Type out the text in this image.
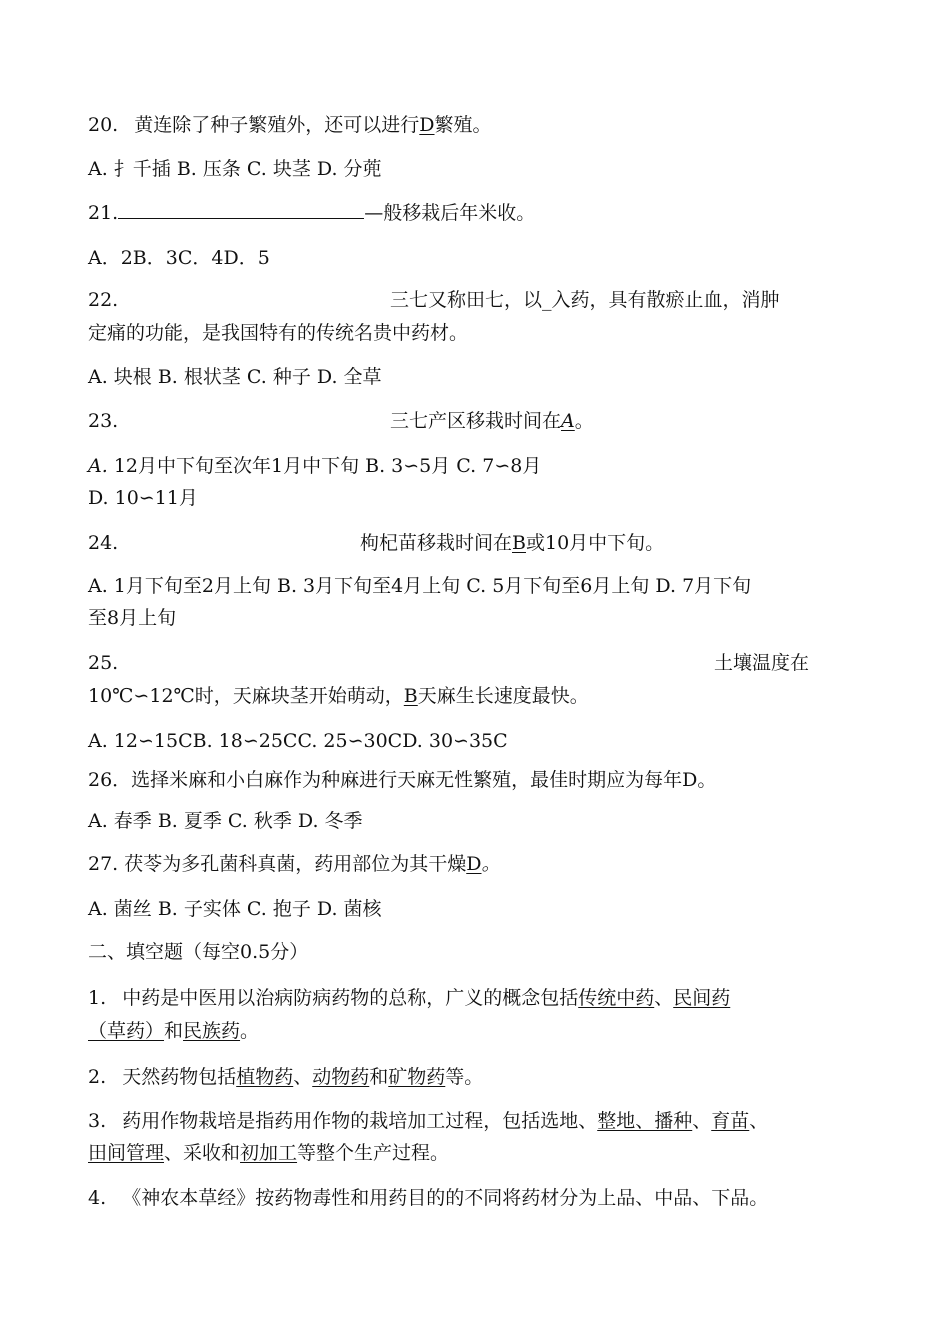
20. 黄连除了种子繁殖外，还可以进行D繁殖。
A. 扌千插 B. 压条 C. 块茎 D. 分蔸
21.	—般移栽后年米收。
A．2B．3C．4D．5
22.	三七又称田七，以_入药，具有散瘀止血，消肿
定痛的功能，是我国特有的传统名贵中药材。
A. 块根 B. 根状茎 C. 种子 D. 全草
23.	三七产区移栽时间在A。
A. 12月中下旬至次年1月中下旬 B. 3∽5月 C. 7∽8月
D. 10∽11月
24.	枸杞苗移栽时间在B或10月中下旬。
A. 1月下旬至2月上旬 B. 3月下旬至4月上旬 C. 5月下旬至6月上旬 D. 7月下旬
至8月上旬
25.	土壤温度在
10℃∽12℃时，天麻块茎开始萌动，B天麻生长速度最快。
A. 12∽15CB. 18∽25CC. 25∽30CD. 30∽35C
26．选择米麻和小白麻作为种麻进行天麻无性繁殖，最佳时期应为每年D。
A. 春季 B. 夏季 C. 秋季 D. 冬季
27. 茯苓为多孔菌科真菌，药用部位为其干燥D。
A. 菌丝 B. 子实体 C. 抱子 D. 菌核
二、填空题（每空0.5分）
1. 中药是中医用以治病防病药物的总称，广义的概念包括传统中药、民间药
（草药）和民族药。
2. 天然药物包括植物药、动物药和矿物药等。
3. 药用作物栽培是指药用作物的栽培加工过程，包括选地、整地、播种、育苗、
田间管理、采收和初加工等整个生产过程。
4. 《神农本草经》按药物毒性和用药目的的不同将药材分为上品、中品、下品。
